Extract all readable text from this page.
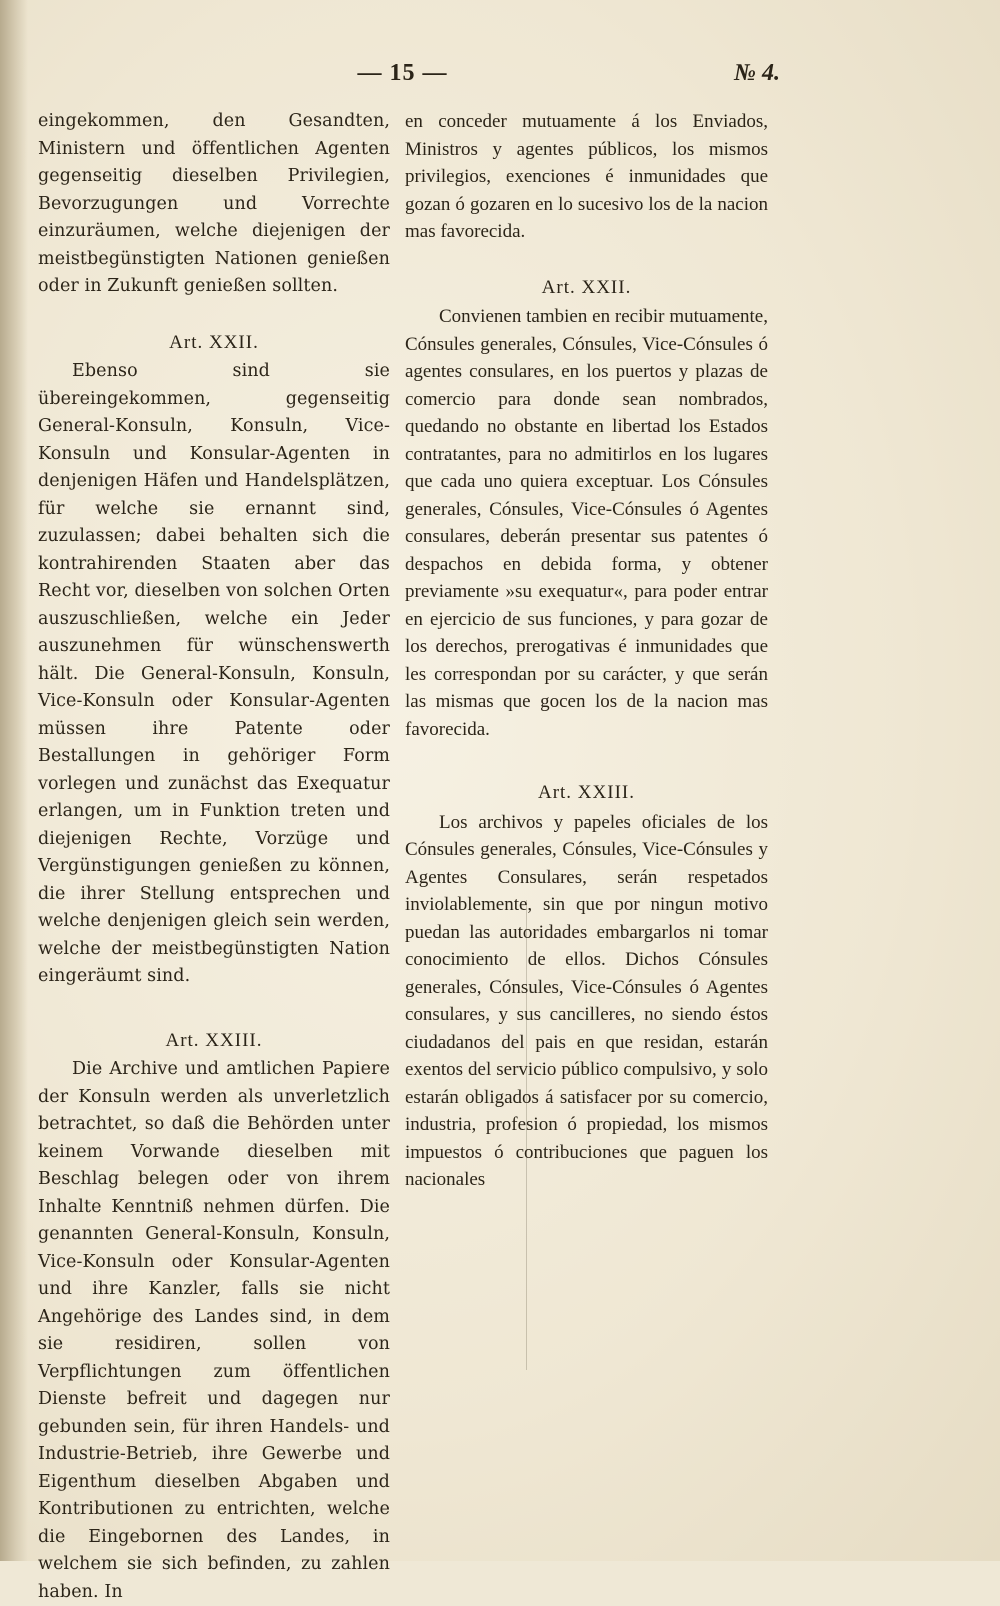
— 15 —	№ 4.

eingekommen, den Gesandten, Ministern und öffentlichen Agenten gegenseitig dieselben Privilegien, Bevorzugungen und Vorrechte einzuräumen, welche diejenigen der meistbegünstigten Nationen genießen oder in Zukunft genießen sollten.

Art. XXII.

Ebenso sind sie übereingekommen, gegenseitig General-Konsuln, Konsuln, Vice-Konsuln und Konsular-Agenten in denjenigen Häfen und Handelsplätzen, für welche sie ernannt sind, zuzulassen; dabei behalten sich die kontrahirenden Staaten aber das Recht vor, dieselben von solchen Orten auszuschließen, welche ein Jeder auszunehmen für wünschenswerth hält. Die General-Konsuln, Konsuln, Vice-Konsuln oder Konsular-Agenten müssen ihre Patente oder Bestallungen in gehöriger Form vorlegen und zunächst das Exequatur erlangen, um in Funktion treten und diejenigen Rechte, Vorzüge und Vergünstigungen genießen zu können, die ihrer Stellung entsprechen und welche denjenigen gleich sein werden, welche der meistbegünstigten Nation eingeräumt sind.

Art. XXIII.

Die Archive und amtlichen Papiere der Konsuln werden als unverletzlich betrachtet, so daß die Behörden unter keinem Vorwande dieselben mit Beschlag belegen oder von ihrem Inhalte Kenntniß nehmen dürfen. Die genannten General-Konsuln, Konsuln, Vice-Konsuln oder Konsular-Agenten und ihre Kanzler, falls sie nicht Angehörige des Landes sind, in dem sie residiren, sollen von Verpflichtungen zum öffentlichen Dienste befreit und dagegen nur gebunden sein, für ihren Handels- und Industrie-Betrieb, ihre Gewerbe und Eigenthum dieselben Abgaben und Kontributionen zu entrichten, welche die Eingebornen des Landes, in welchem sie sich befinden, zu zahlen haben. In

en conceder mutuamente á los Enviados, Ministros y agentes públicos, los mismos privilegios, exenciones é inmunidades que gozan ó gozaren en lo sucesivo los de la nacion mas favorecida.

Art. XXII.

Convienen tambien en recibir mutuamente, Cónsules generales, Cónsules, Vice-Cónsules ó agentes consulares, en los puertos y plazas de comercio para donde sean nombrados, quedando no obstante en libertad los Estados contratantes, para no admitirlos en los lugares que cada uno quiera exceptuar. Los Cónsules generales, Cónsules, Vice-Cónsules ó Agentes consulares, deberán presentar sus patentes ó despachos en debida forma, y obtener previamente »su exequatur«, para poder entrar en ejercicio de sus funciones, y para gozar de los derechos, prerogativas é inmunidades que les correspondan por su carácter, y que serán las mismas que gocen los de la nacion mas favorecida.

Art. XXIII.

Los archivos y papeles oficiales de los Cónsules generales, Cónsules, Vice-Cónsules y Agentes Consulares, serán respetados inviolablemente, sin que por ningun motivo puedan las autoridades embargarlos ni tomar conocimiento de ellos. Dichos Cónsules generales, Cónsules, Vice-Cónsules ó Agentes consulares, y sus cancilleres, no siendo éstos ciudadanos del pais en que residan, estarán exentos del servicio público compulsivo, y solo estarán obligados á satisfacer por su comercio, industria, profesion ó propiedad, los mismos impuestos ó contribuciones que paguen los nacionales
